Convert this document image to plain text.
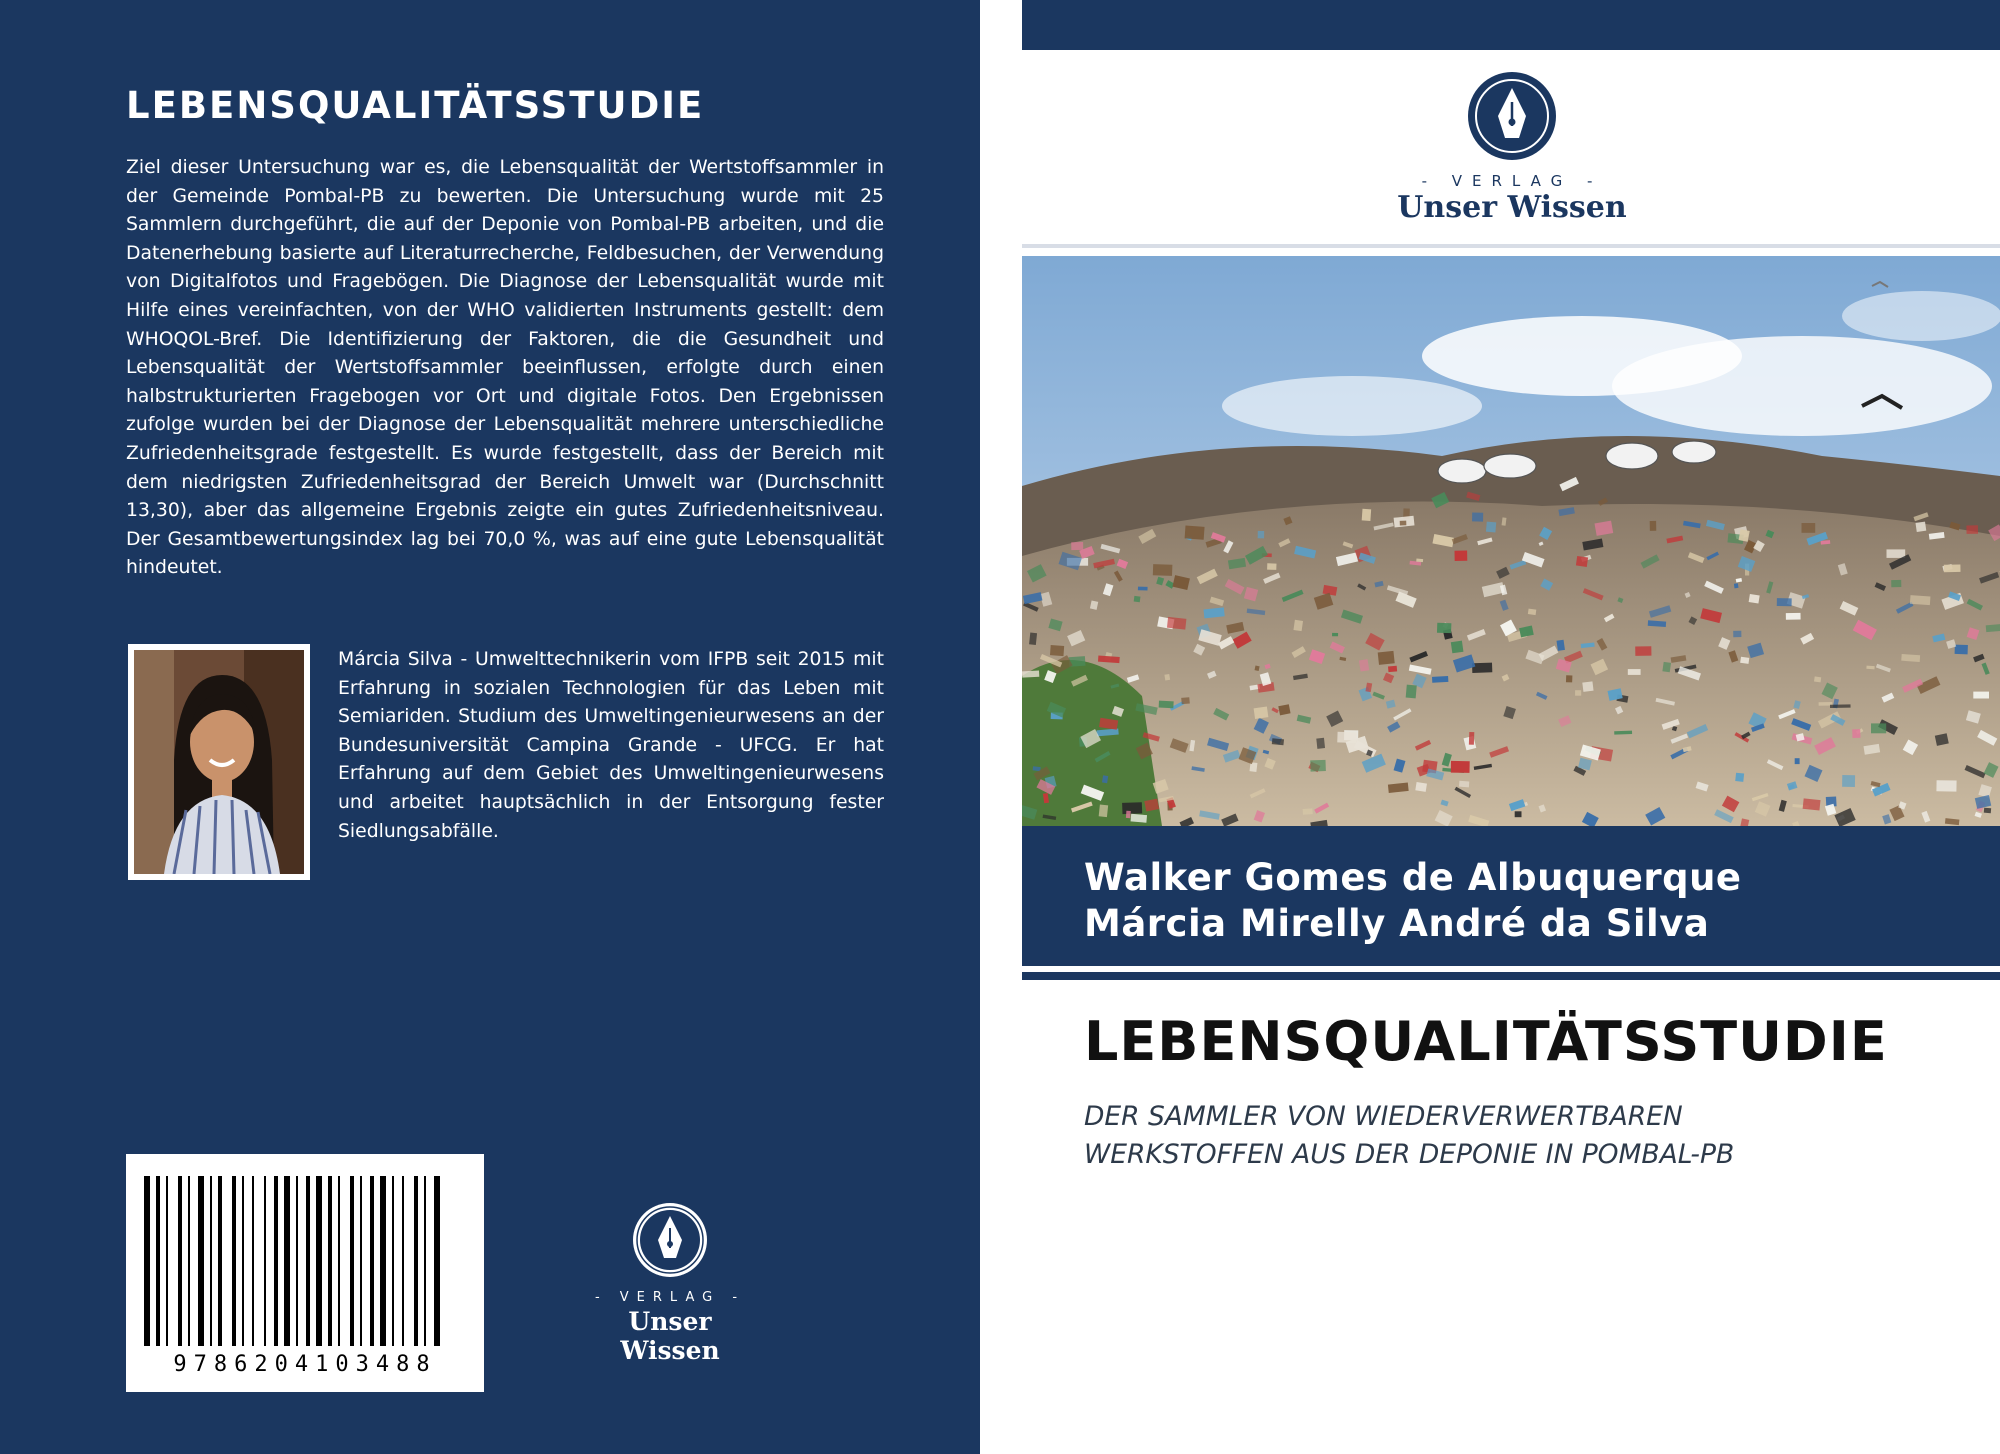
LEBENSQUALITÄTSSTUDIE

Ziel dieser Untersuchung war es, die Lebensqualität der Wertstoffsammler in der Gemeinde Pombal-PB zu bewerten. Die Untersuchung wurde mit 25 Sammlern durchgeführt, die auf der Deponie von Pombal-PB arbeiten, und die Datenerhebung basierte auf Literaturrecherche, Feldbesuchen, der Verwendung von Digitalfotos und Fragebögen. Die Diagnose der Lebensqualität wurde mit Hilfe eines vereinfachten, von der WHO validierten Instruments gestellt: dem WHOQOL-Bref. Die Identifizierung der Faktoren, die die Gesundheit und Lebensqualität der Wertstoffsammler beeinflussen, erfolgte durch einen halbstrukturierten Fragebogen vor Ort und digitale Fotos. Den Ergebnissen zufolge wurden bei der Diagnose der Lebensqualität mehrere unterschiedliche Zufriedenheitsgrade festgestellt. Es wurde festgestellt, dass der Bereich mit dem niedrigsten Zufriedenheitsgrad der Bereich Umwelt war (Durchschnitt 13,30), aber das allgemeine Ergebnis zeigte ein gutes Zufriedenheitsniveau. Der Gesamtbewertungsindex lag bei 70,0 %, was auf eine gute Lebensqualität hindeutet.

Márcia Silva - Umwelttechnikerin vom IFPB seit 2015 mit Erfahrung in sozialen Technologien für das Leben mit Semiariden. Studium des Umweltingenieurwesens an der Bundesuniversität Campina Grande - UFCG. Er hat Erfahrung auf dem Gebiet des Umweltingenieurwesens und arbeitet hauptsächlich in der Entsorgung fester Siedlungsabfälle.

9786204103488
- VERLAG -
Unser Wissen
- VERLAG -
Unser Wissen
Walker Gomes de Albuquerque
Márcia Mirelly André da Silva
LEBENSQUALITÄTSSTUDIE

DER SAMMLER VON WIEDERVERWERTBAREN
WERKSTOFFEN AUS DER DEPONIE IN POMBAL-PB
